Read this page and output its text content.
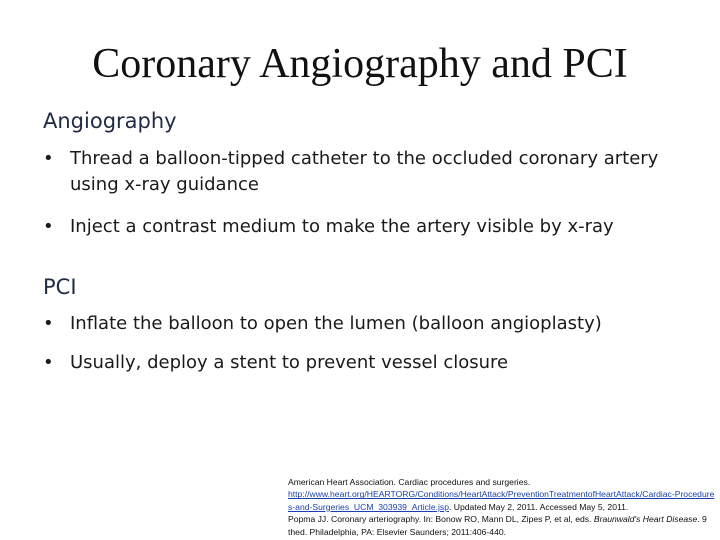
Coronary Angiography and PCI
Angiography
• Thread a balloon-tipped catheter to the occluded coronary artery using x-ray guidance
• Inject a contrast medium to make the artery visible by x-ray
PCI
• Inflate the balloon to open the lumen (balloon angioplasty)
• Usually, deploy a stent to prevent vessel closure
American Heart Association. Cardiac procedures and surgeries.
http://www.heart.org/HEARTORG/Conditions/HeartAttack/PreventionTreatmentofHeartAttack/Cardiac-Procedures-and-Surgeries_UCM_303939_Article.jsp. Updated May 2, 2011. Accessed May 5, 2011.
Popma JJ. Coronary arteriography. In: Bonow RO, Mann DL, Zipes P, et al, eds. Braunwald's Heart Disease. 9 thed. Philadelphia, PA: Elsevier Saunders; 2011:406-440.
